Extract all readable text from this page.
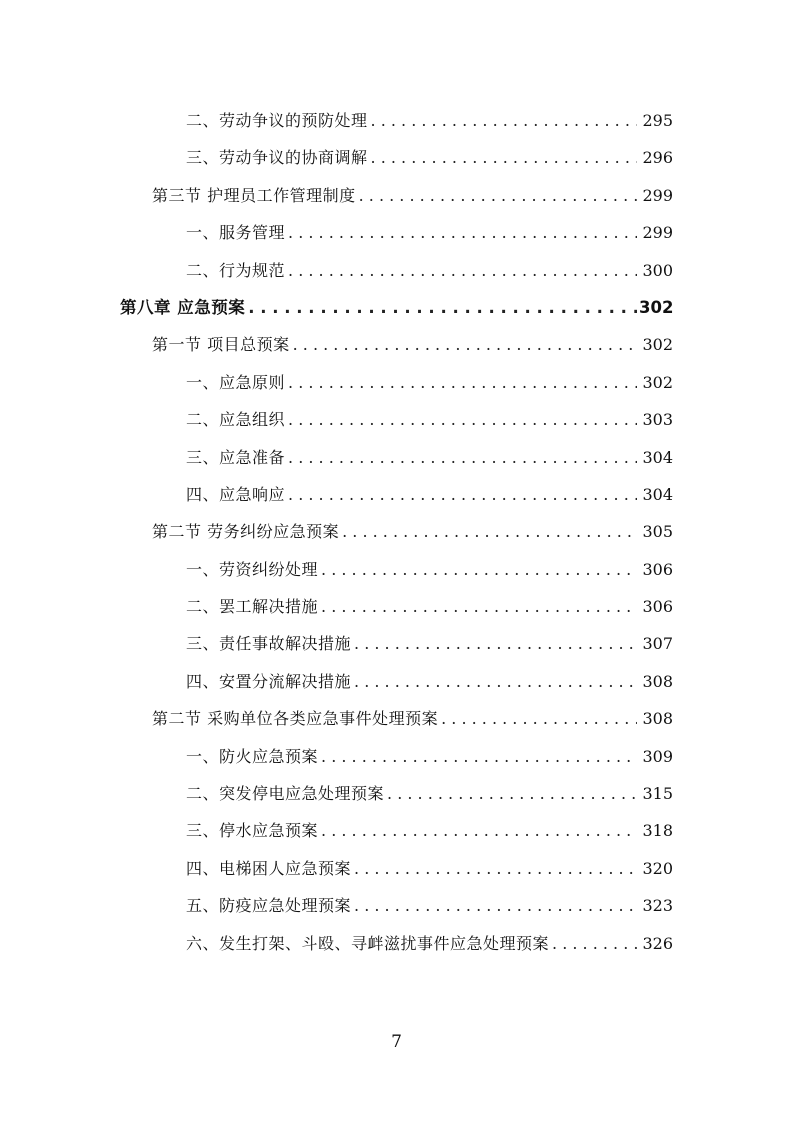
二、劳动争议的预防处理 . . .	295
三、劳动争议的协商调解 . . .	296
第三节 护理员工作管理制度 . . .	299
一、服务管理 . . .	299
二、行为规范 . . .	300
第八章 应急预案 . . .	302
第一节 项目总预案 . . .	302
一、应急原则 . . .	302
二、应急组织 . . .	303
三、应急准备 . . .	304
四、应急响应 . . .	304
第二节 劳务纠纷应急预案 . . .	305
一、劳资纠纷处理 . . .	306
二、罢工解决措施 . . .	306
三、责任事故解决措施 . . .	307
四、安置分流解决措施 . . .	308
第二节 采购单位各类应急事件处理预案 . . .	308
一、防火应急预案 . . .	309
二、突发停电应急处理预案 . . .	315
三、停水应急预案 . . .	318
四、电梯困人应急预案 . . .	320
五、防疫应急处理预案 . . .	323
六、发生打架、斗殴、寻衅滋扰事件应急处理预案 . . .	326
7
